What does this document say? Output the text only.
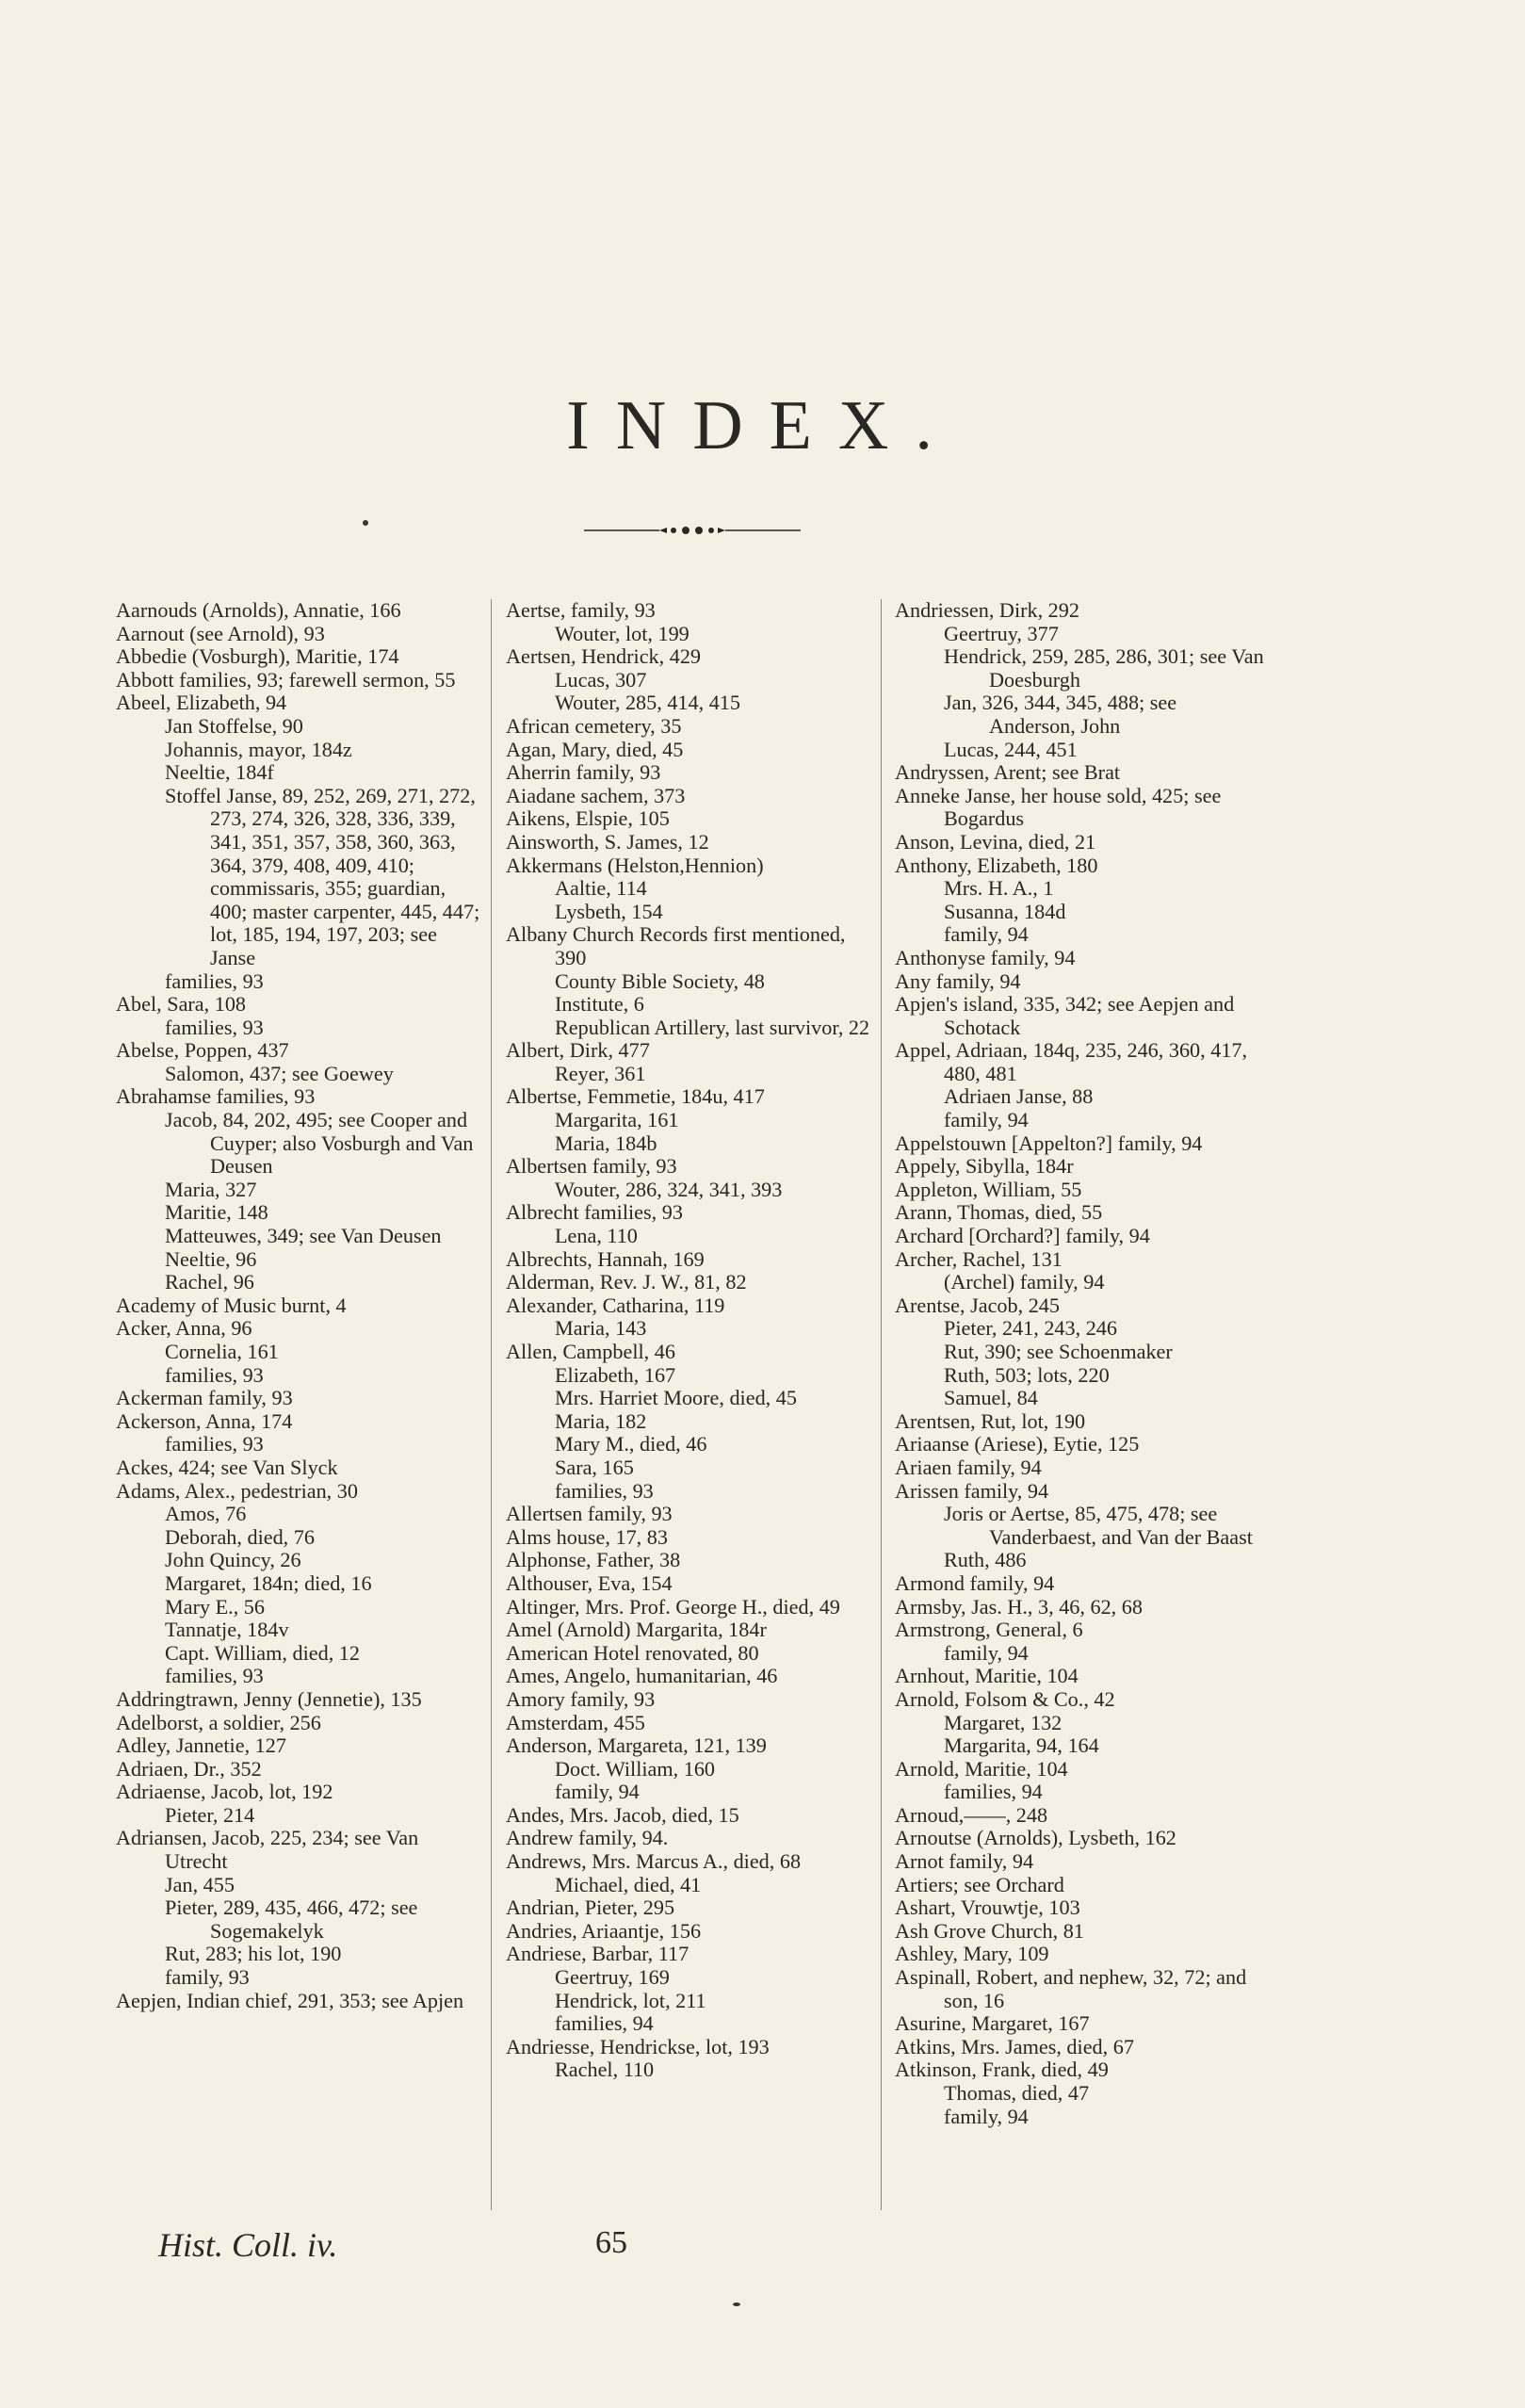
INDEX.
Aarnouds (Arnolds), Annatie, 166
Aarnout (see Arnold), 93
Abbedie (Vosburgh), Maritie, 174
Abbott families, 93; farewell sermon, 55
Abeel, Elizabeth, 94
Jan Stoffelse, 90
Johannis, mayor, 184z
Neeltie, 184f
Stoffel Janse, 89, 252, 269, 271, 272, 273, 274, 326, 328, 336, 339, 341, 351, 357, 358, 360, 363, 364, 379, 408, 409, 410; commissaris, 355; guardian, 400; master carpenter, 445, 447; lot, 185, 194, 197, 203; see Janse
families, 93
Abel, Sara, 108
families, 93
Abelse, Poppen, 437
Salomon, 437; see Goewey
Abrahamse families, 93
Jacob, 84, 202, 495; see Cooper and Cuyper; also Vosburgh and Van Deusen
Maria, 327
Maritie, 148
Matteuwes, 349; see Van Deusen
Neeltie, 96
Rachel, 96
Academy of Music burnt, 4
Acker, Anna, 96
Cornelia, 161
families, 93
Ackerman family, 93
Ackerson, Anna, 174
families, 93
Ackes, 424; see Van Slyck
Adams, Alex., pedestrian, 30
Amos, 76
Deborah, died, 76
John Quincy, 26
Margaret, 184n; died, 16
Mary E., 56
Tannatje, 184v
Capt. William, died, 12
families, 93
Addringtrawn, Jenny (Jennetie), 135
Adelborst, a soldier, 256
Adley, Jannetie, 127
Adriaen, Dr., 352
Adriaense, Jacob, lot, 192
Pieter, 214
Adriansen, Jacob, 225, 234; see Van Utrecht
Jan, 455
Pieter, 289, 435, 466, 472; see Sogemakelyk
Rut, 283; his lot, 190
family, 93
Aepjen, Indian chief, 291, 353; see Apjen
Aertse, family, 93
Wouter, lot, 199
Aertsen, Hendrick, 429
Lucas, 307
Wouter, 285, 414, 415
African cemetery, 35
Agan, Mary, died, 45
Aherrin family, 93
Aiadane sachem, 373
Aikens, Elspie, 105
Ainsworth, S. James, 12
Akkermans (Helston,Hennion)
Aaltie, 114
Lysbeth, 154
Albany Church Records first mentioned, 390
County Bible Society, 48
Institute, 6
Republican Artillery, last survivor, 22
Albert, Dirk, 477
Reyer, 361
Albertse, Femmetie, 184u, 417
Margarita, 161
Maria, 184b
Albertsen family, 93
Wouter, 286, 324, 341, 393
Albrecht families, 93
Lena, 110
Albrechts, Hannah, 169
Alderman, Rev. J. W., 81, 82
Alexander, Catharina, 119
Maria, 143
Allen, Campbell, 46
Elizabeth, 167
Mrs. Harriet Moore, died, 45
Maria, 182
Mary M., died, 46
Sara, 165
families, 93
Allertsen family, 93
Alms house, 17, 83
Alphonse, Father, 38
Althouser, Eva, 154
Altinger, Mrs. Prof. George H., died, 49
Amel (Arnold) Margarita, 184r
American Hotel renovated, 80
Ames, Angelo, humanitarian, 46
Amory family, 93
Amsterdam, 455
Anderson, Margareta, 121, 139
Doct. William, 160
family, 94
Andes, Mrs. Jacob, died, 15
Andrew family, 94.
Andrews, Mrs. Marcus A., died, 68
Michael, died, 41
Andrian, Pieter, 295
Andries, Ariaantje, 156
Andriese, Barbar, 117
Geertruy, 169
Hendrick, lot, 211
families, 94
Andriesse, Hendrickse, lot, 193
Rachel, 110
Andriessen, Dirk, 292
Geertruy, 377
Hendrick, 259, 285, 286, 301; see Van Doesburgh
Jan, 326, 344, 345, 488; see Anderson, John
Lucas, 244, 451
Andryssen, Arent; see Brat
Anneke Janse, her house sold, 425; see Bogardus
Anson, Levina, died, 21
Anthony, Elizabeth, 180
Mrs. H. A., 1
Susanna, 184d
family, 94
Anthonyse family, 94
Any family, 94
Apjen's island, 335, 342; see Aepjen and Schotack
Appel, Adriaan, 184q, 235, 246, 360, 417, 480, 481
Adriaen Janse, 88
family, 94
Appelstouwn [Appelton?] family, 94
Appely, Sibylla, 184r
Appleton, William, 55
Arann, Thomas, died, 55
Archard [Orchard?] family, 94
Archer, Rachel, 131
(Archel) family, 94
Arentse, Jacob, 245
Pieter, 241, 243, 246
Rut, 390; see Schoenmaker
Ruth, 503; lots, 220
Samuel, 84
Arentsen, Rut, lot, 190
Ariaanse (Ariese), Eytie, 125
Ariaen family, 94
Arissen family, 94
Joris or Aertse, 85, 475, 478; see Vanderbaest, and Van der Baast
Ruth, 486
Armond family, 94
Armsby, Jas. H., 3, 46, 62, 68
Armstrong, General, 6
family, 94
Arnhout, Maritie, 104
Arnold, Folsom & Co., 42
Margaret, 132
Margarita, 94, 164
Arnold, Maritie, 104
families, 94
Arnoud,——, 248
Arnoutse (Arnolds), Lysbeth, 162
Arnot family, 94
Artiers; see Orchard
Ashart, Vrouwtje, 103
Ash Grove Church, 81
Ashley, Mary, 109
Aspinall, Robert, and nephew, 32, 72; and son, 16
Asurine, Margaret, 167
Atkins, Mrs. James, died, 67
Atkinson, Frank, died, 49
Thomas, died, 47
family, 94
Hist. Coll. iv.	65
